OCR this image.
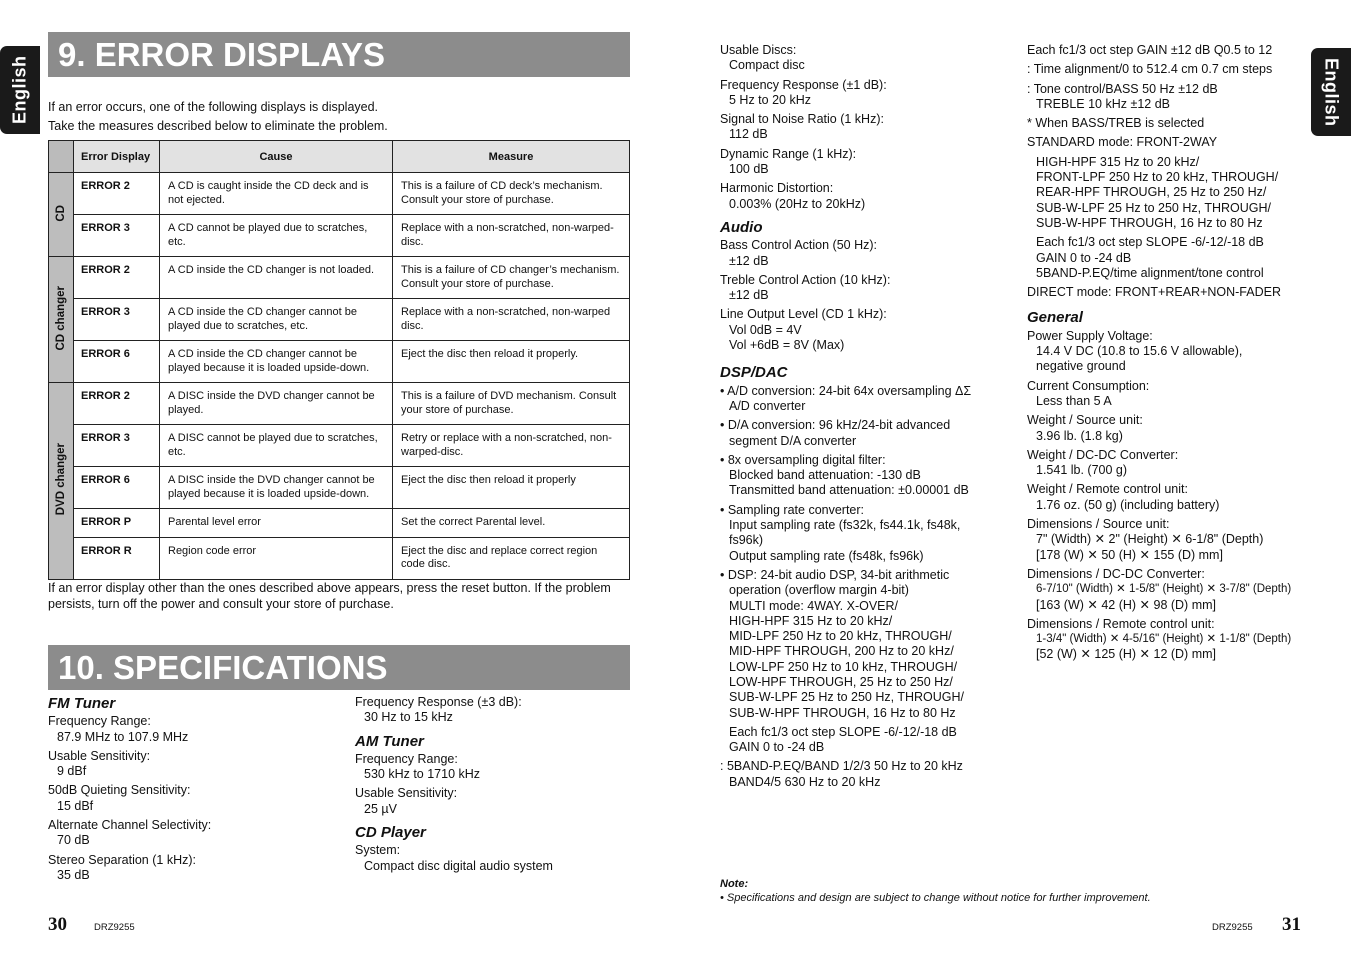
English	English
9. ERROR DISPLAYS
If an error occurs, one of the following displays is displayed.
Take the measures described below to eliminate the problem.
	Error Display	Cause	Measure
CD	ERROR 2	A CD is caught inside the CD deck and is not ejected.	This is a failure of CD deck’s mechanism. Consult your store of purchase.
	ERROR 3	A CD cannot be played due to scratches, etc.	Replace with a non-scratched, non-warped-disc.
CD changer	ERROR 2	A CD inside the CD changer is not loaded.	This is a failure of CD changer’s mechanism. Consult your store of purchase.
	ERROR 3	A CD inside the CD changer cannot be played due to scratches, etc.	Replace with a non-scratched, non-warped disc.
	ERROR 6	A CD inside the CD changer cannot be played because it is loaded upside-down.	Eject the disc then reload it properly.
DVD changer	ERROR 2	A DISC inside the DVD changer cannot be played.	This is a failure of DVD mechanism. Consult your store of purchase.
	ERROR 3	A DISC cannot be played due to scratches, etc.	Retry or replace with a non-scratched, non-warped-disc.
	ERROR 6	A DISC inside the DVD changer cannot be played because it is loaded upside-down.	Eject the disc then reload it properly
	ERROR P	Parental level error	Set the correct Parental level.
	ERROR R	Region code error	Eject the disc and replace correct region code disc.
If an error display other than the ones described above appears, press the reset button. If the problem persists, turn off the power and consult your store of purchase.
10. SPECIFICATIONS
FM Tuner
Frequency Range:
87.9 MHz to 107.9 MHz
Usable Sensitivity:
9 dBf
50dB Quieting Sensitivity:
15 dBf
Alternate Channel Selectivity:
70 dB
Stereo Separation (1 kHz):
35 dB
Frequency Response (±3 dB):
30 Hz to 15 kHz
AM Tuner
Frequency Range:
530 kHz to 1710 kHz
Usable Sensitivity:
25 µV
CD Player
System:
Compact disc digital audio system
Usable Discs:
Compact disc
Frequency Response (±1 dB):
5 Hz to 20 kHz
Signal to Noise Ratio (1 kHz):
112 dB
Dynamic Range (1 kHz):
100 dB
Harmonic Distortion:
0.003% (20Hz to 20kHz)
Audio
Bass Control Action (50 Hz):
±12 dB
Treble Control Action (10 kHz):
±12 dB
Line Output Level (CD 1 kHz):
Vol 0dB = 4V
Vol +6dB = 8V (Max)
DSP/DAC
• A/D conversion: 24-bit 64x oversampling ΔΣ
A/D converter
• D/A conversion: 96 kHz/24-bit advanced
segment D/A converter
• 8x oversampling digital filter:
Blocked band attenuation: -130 dB
Transmitted band attenuation: ±0.00001 dB
• Sampling rate converter:
Input sampling rate (fs32k, fs44.1k, fs48k,
fs96k)
Output sampling rate (fs48k, fs96k)
• DSP: 24-bit audio DSP, 34-bit arithmetic
operation (overflow margin 4-bit)
MULTI mode: 4WAY. X-OVER/
HIGH-HPF 315 Hz to 20 kHz/
MID-LPF 250 Hz to 20 kHz, THROUGH/
MID-HPF THROUGH, 200 Hz to 20 kHz/
LOW-LPF 250 Hz to 10 kHz, THROUGH/
LOW-HPF THROUGH, 25 Hz to 250 Hz/
SUB-W-LPF 25 Hz to 250 Hz, THROUGH/
SUB-W-HPF THROUGH, 16 Hz to 80 Hz
Each fc1/3 oct step SLOPE -6/-12/-18 dB
GAIN 0 to -24 dB
: 5BAND-P.EQ/BAND 1/2/3 50 Hz to 20 kHz
BAND4/5 630 Hz to 20 kHz
Each fc1/3 oct step GAIN ±12 dB Q0.5 to 12
: Time alignment/0 to 512.4 cm 0.7 cm steps
: Tone control/BASS 50 Hz ±12 dB
TREBLE 10 kHz ±12 dB
* When BASS/TREB is selected
STANDARD mode: FRONT-2WAY
HIGH-HPF 315 Hz to 20 kHz/
FRONT-LPF 250 Hz to 20 kHz, THROUGH/
REAR-HPF THROUGH, 25 Hz to 250 Hz/
SUB-W-LPF 25 Hz to 250 Hz, THROUGH/
SUB-W-HPF THROUGH, 16 Hz to 80 Hz
Each fc1/3 oct step SLOPE -6/-12/-18 dB
GAIN 0 to -24 dB
5BAND-P.EQ/time alignment/tone control
DIRECT mode: FRONT+REAR+NON-FADER
General
Power Supply Voltage:
14.4 V DC (10.8 to 15.6 V allowable),
negative ground
Current Consumption:
Less than 5 A
Weight / Source unit:
3.96 lb. (1.8 kg)
Weight / DC-DC Converter:
1.541 lb. (700 g)
Weight / Remote control unit:
1.76 oz. (50 g) (including battery)
Dimensions / Source unit:
7" (Width) ✕ 2" (Height) ✕ 6-1/8" (Depth)
[178 (W) ✕ 50 (H) ✕ 155 (D) mm]
Dimensions / DC-DC Converter:
6-7/10" (Width) ✕ 1-5/8" (Height) ✕ 3-7/8" (Depth)
[163 (W) ✕ 42 (H) ✕ 98 (D) mm]
Dimensions / Remote control unit:
1-3/4" (Width) ✕ 4-5/16" (Height) ✕ 1-1/8" (Depth)
[52 (W) ✕ 125 (H) ✕ 12 (D) mm]
Note:
• Specifications and design are subject to change without notice for further improvement.
30	DRZ9255	DRZ9255 31
